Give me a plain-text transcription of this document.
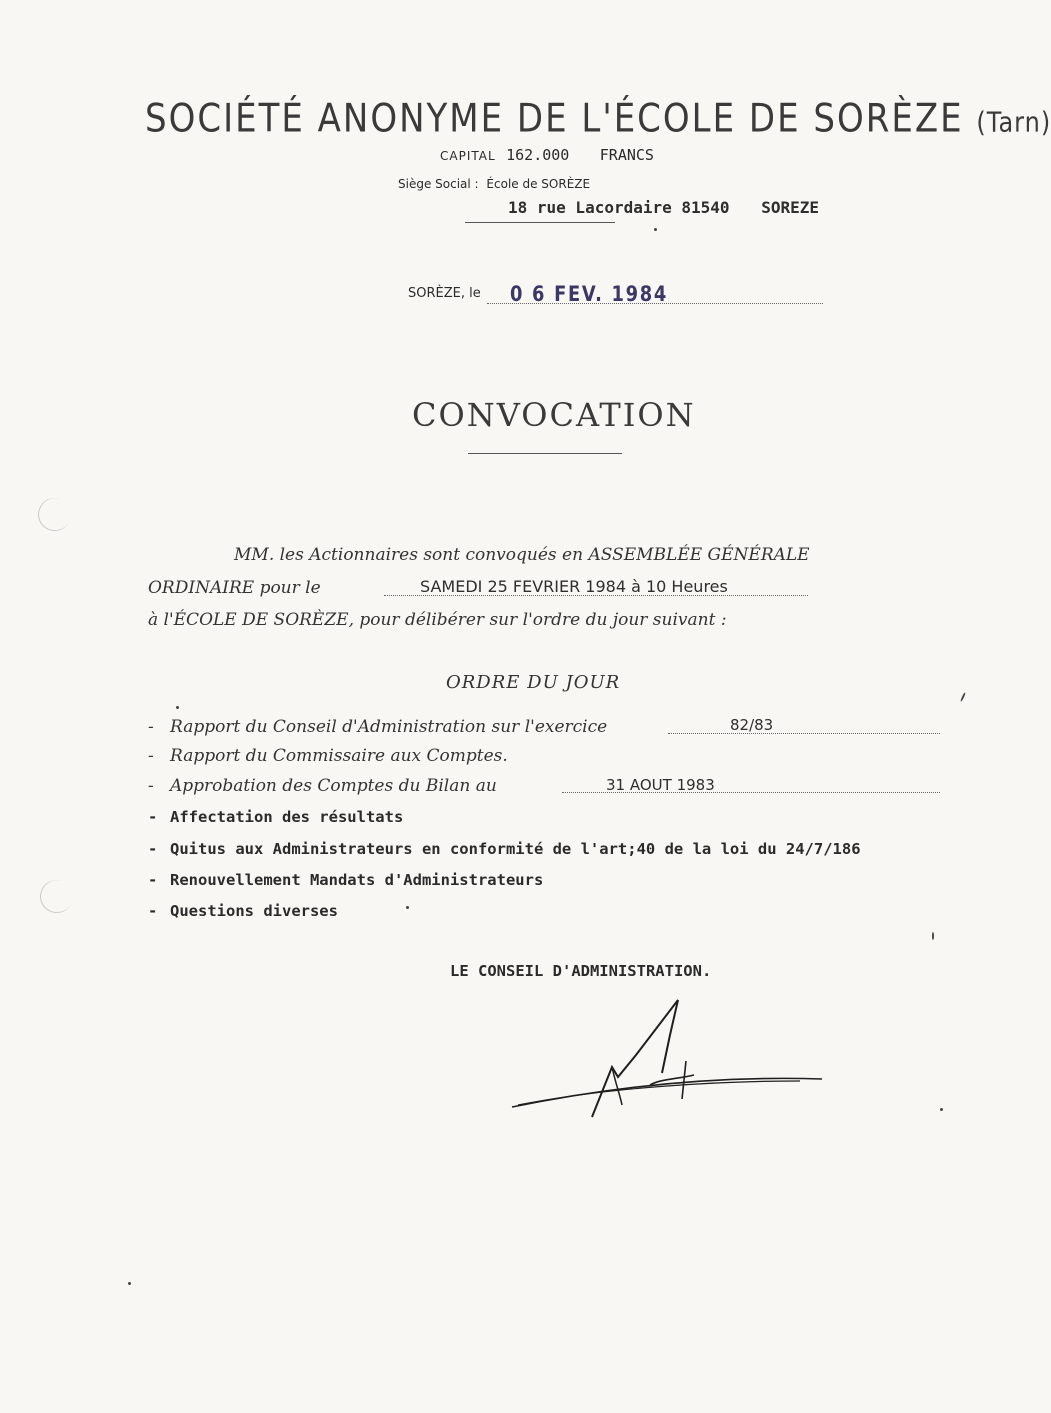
SOCIÉTÉ ANONYME DE L'ÉCOLE DE SORÈZE (Tarn)
CAPITAL 162.000 FRANCS
Siège Social : École de SORÈZE
18 rue Lacordaire 81540 SOREZE
SORÈZE, le 0 6 FEV. 1984
CONVOCATION
MM. les Actionnaires sont convoqués en ASSEMBLÉE GÉNÉRALE
ORDINAIRE pour le	SAMEDI 25 FEVRIER 1984 à 10 Heures
à l'ÉCOLE DE SORÈZE, pour délibérer sur l'ordre du jour suivant :
ORDRE DU JOUR
- Rapport du Conseil d'Administration sur l'exercice	82/83
- Rapport du Commissaire aux Comptes.
- Approbation des Comptes du Bilan au	31 AOUT 1983
- Affectation des résultats
- Quitus aux Administrateurs en conformité de l'art;40 de la loi du 24/7/186
- Renouvellement Mandats d'Administrateurs
- Questions diverses
LE CONSEIL D'ADMINISTRATION.
